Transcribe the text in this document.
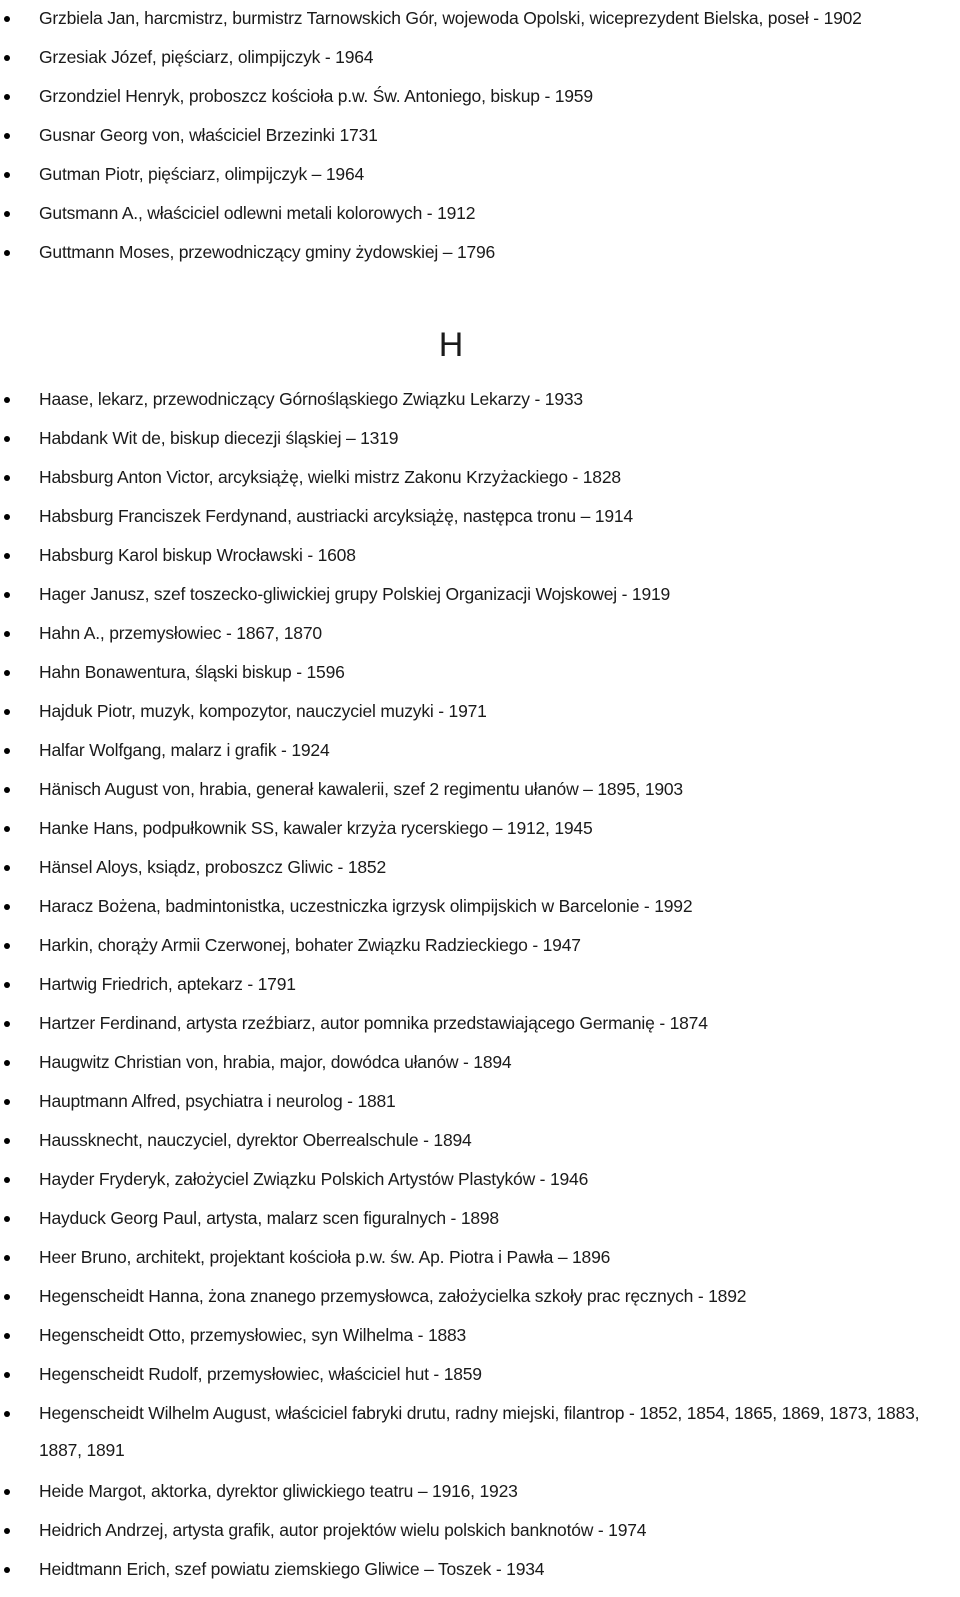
Grzbiela Jan, harcmistrz, burmistrz Tarnowskich Gór, wojewoda Opolski, wiceprezydent Bielska, poseł - 1902
Grzesiak Józef, pięściarz, olimpijczyk - 1964
Grzondziel Henryk, proboszcz kościoła p.w. Św. Antoniego, biskup - 1959
Gusnar Georg von, właściciel Brzezinki 1731
Gutman Piotr, pięściarz, olimpijczyk – 1964
Gutsmann A., właściciel odlewni metali kolorowych - 1912
Guttmann Moses, przewodniczący gminy żydowskiej – 1796
H
Haase, lekarz, przewodniczący Górnośląskiego Związku Lekarzy - 1933
Habdank Wit de, biskup diecezji śląskiej – 1319
Habsburg Anton Victor, arcyksiążę, wielki mistrz Zakonu Krzyżackiego - 1828
Habsburg Franciszek Ferdynand, austriacki arcyksiążę, następca tronu – 1914
Habsburg Karol biskup Wrocławski - 1608
Hager Janusz, szef toszecko-gliwickiej grupy Polskiej Organizacji Wojskowej - 1919
Hahn A., przemysłowiec - 1867, 1870
Hahn Bonawentura, śląski biskup - 1596
Hajduk Piotr, muzyk, kompozytor, nauczyciel muzyki - 1971
Halfar Wolfgang, malarz i grafik - 1924
Hänisch August von, hrabia, generał kawalerii, szef 2 regimentu ułanów – 1895, 1903
Hanke Hans, podpułkownik SS, kawaler krzyża rycerskiego – 1912, 1945
Hänsel Aloys, ksiądz, proboszcz Gliwic - 1852
Haracz Bożena, badmintonistka, uczestniczka igrzysk olimpijskich w Barcelonie - 1992
Harkin, chorąży Armii Czerwonej, bohater Związku Radzieckiego - 1947
Hartwig Friedrich, aptekarz - 1791
Hartzer Ferdinand, artysta rzeźbiarz, autor pomnika przedstawiającego Germanię - 1874
Haugwitz Christian von, hrabia, major, dowódca ułanów - 1894
Hauptmann Alfred, psychiatra i neurolog - 1881
Haussknecht, nauczyciel, dyrektor Oberrealschule - 1894
Hayder Fryderyk, założyciel Związku Polskich Artystów Plastyków - 1946
Hayduck Georg Paul, artysta, malarz scen figuralnych - 1898
Heer Bruno, architekt, projektant kościoła p.w. św. Ap. Piotra i Pawła – 1896
Hegenscheidt Hanna, żona znanego przemysłowca, założycielka szkoły prac ręcznych - 1892
Hegenscheidt Otto, przemysłowiec, syn Wilhelma - 1883
Hegenscheidt Rudolf, przemysłowiec, właściciel hut - 1859
Hegenscheidt Wilhelm August, właściciel fabryki drutu, radny miejski, filantrop - 1852, 1854, 1865, 1869, 1873, 1883, 1887, 1891
Heide Margot, aktorka, dyrektor gliwickiego teatru – 1916, 1923
Heidrich Andrzej, artysta grafik, autor projektów wielu polskich banknotów - 1974
Heidtmann Erich, szef powiatu ziemskiego Gliwice – Toszek - 1934
